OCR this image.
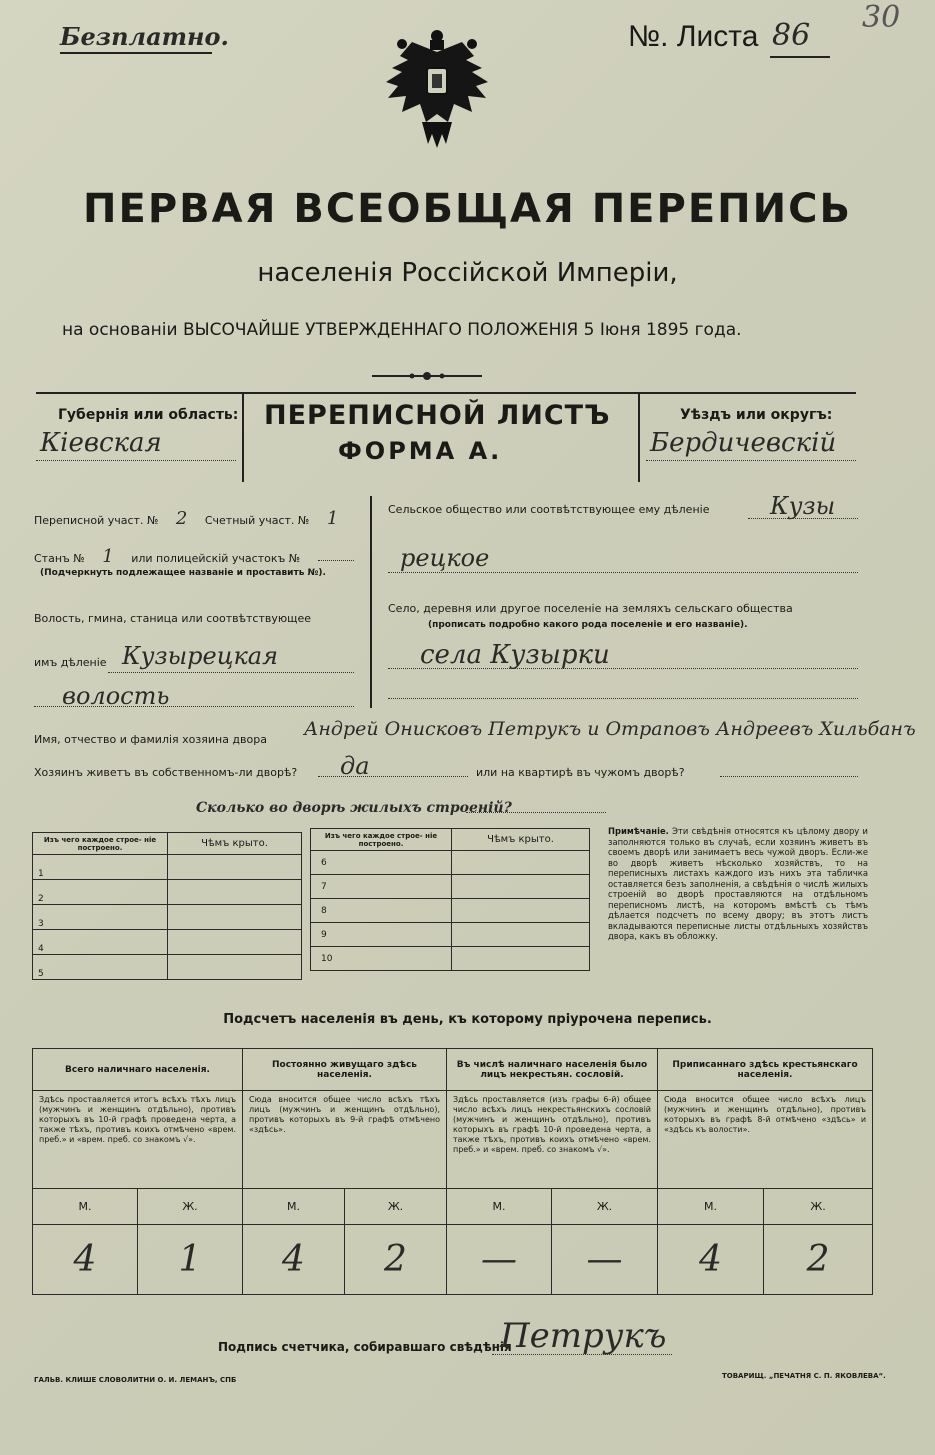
Безплатно.	№. Листа 86
30
ПЕРВАЯ ВСЕОБЩАЯ ПЕРЕПИСЬ
населенія Россійской Имперіи,
на основанiи ВЫСОЧАЙШЕ УТВЕРЖДЕННАГО ПОЛОЖЕНІЯ 5 Іюня 1895 года.
Губернія или область:
Кіевская
ПЕРЕПИСНОЙ ЛИСТЪ
ФОРМА А.
Уѣздъ или округъ:
Бердичевскій
Переписной участ. № 2 Счетный участ. № 1
Станъ № 1 или полицейскій участокъ №
(Подчеркнуть подлежащее названіе и проставить №).
Волость, гмина, станица или соотвѣтствующее
имъ дѣленіе Кузырецкая
волость
Сельское общество или соотвѣтствующее ему дѣленіе	Кузы
рецкое
Село, деревня или другое поселеніе на земляхъ сельскаго общества
(прописать подробно какого рода поселеніе и его названіе).
села Кузырки
Имя, отчество и фамилія хозяина двора Андрей Онисковъ Петрукъ и Отраповъ Андреевъ Хильбанъ
Хозяинъ живетъ въ собственномъ-ли дворѣ? да	или на квартирѣ въ чужомъ дворѣ?
Сколько во дворѣ жилыхъ строеній?
Изъ чего каждое строе- ніе построено.	Чѣмъ крыто.
1	
2	
3	
4	
5	
Изъ чего каждое строе- ніе построено.	Чѣмъ крыто.
6	
7	
8	
9	
10	
Примѣчаніе. Эти свѣдѣнія относятся къ цѣлому двору и заполняются только въ случаѣ, если хозяинъ живетъ въ своемъ дворѣ или занимаетъ весь чужой дворъ. Если-же во дворѣ живетъ нѣсколько хозяйствъ, то на переписныхъ листахъ каждого изъ нихъ эта табличка оставляется безъ заполненія, а свѣдѣнія о числѣ жилыхъ строеній во дворѣ проставляются на отдѣльномъ переписномъ листѣ, на которомъ вмѣстѣ съ тѣмъ дѣлается подсчетъ по всему двору; въ этотъ листъ вкладываются переписные листы отдѣльныхъ хозяйствъ двора, какъ въ обложку.
Подсчетъ населенія въ день, къ которому пріурочена перепись.
Всего наличнаго населенія.		Постоянно живущаго здѣсь населенія.		Въ числѣ наличнаго населенія было лицъ некрестьян. сословій.		Приписаннаго здѣсь крестьянскаго населенія.	
Здѣсь проставляется итогъ всѣхъ тѣхъ лицъ (мужчинъ и женщинъ отдѣльно), противъ которыхъ въ 10-й графѣ проведена черта, а также тѣхъ, противъ коихъ отмѣчено «врем. преб.» и «врем. преб. со знакомъ √».		Сюда вносится общее число всѣхъ тѣхъ лицъ (мужчинъ и женщинъ отдѣльно), противъ которыхъ въ 9-й графѣ отмѣчено «здѣсь».		Здѣсь проставляется (изъ графы 6-й) общее число всѣхъ лицъ некрестьянскихъ сословій (мужчинъ и женщинъ отдѣльно), противъ которыхъ въ графѣ 10-й проведена черта, а также тѣхъ, противъ коихъ отмѣчено «врем. преб.» и «врем. преб. со знакомъ √».		Сюда вносится общее число всѣхъ лицъ (мужчинъ и женщинъ отдѣльно), противъ которыхъ въ графѣ 8-й отмѣчено «здѣсь» и «здѣсь къ волости».	
М.	Ж.	М.	Ж.	М.	Ж.	М.	Ж.
4	1	4	2	—	—	4	2
Подпись счетчика, собиравшаго свѣдѣнія
Петрукъ
ГАЛЬВ. КЛИШЕ СЛОВОЛИТНИ О. И. ЛЕМАНЪ, СПБ	ТОВАРИЩ. „ПЕЧАТНЯ С. П. ЯКОВЛЕВА“.
